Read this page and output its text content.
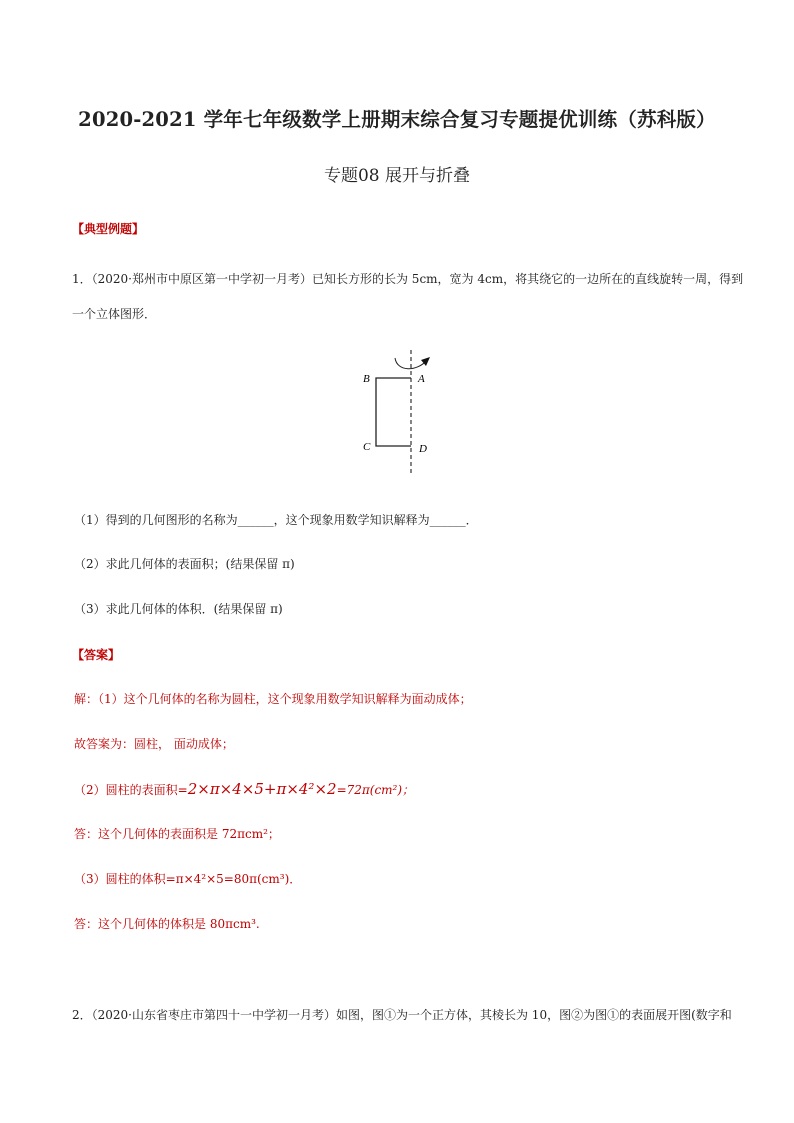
2020-2021 学年七年级数学上册期末综合复习专题提优训练（苏科版）
专题08 展开与折叠
【典型例题】
1．（2020·郑州市中原区第一中学初一月考）已知长方形的长为 5cm，宽为 4cm，将其绕它的一边所在的直线旋转一周，得到
一个立体图形．
B	A
C	D
（1）得到的几何图形的名称为______，这个现象用数学知识解释为______．
（2）求此几何体的表面积；(结果保留 π)
（3）求此几何体的体积．(结果保留 π)
【答案】
解：（1）这个几何体的名称为圆柱，这个现象用数学知识解释为面动成体；
故答案为：圆柱， 面动成体；
（2）圆柱的表面积=2×π×4×5+π×4²×2=72π(cm²)；
答：这个几何体的表面积是 72πcm²；
（3）圆柱的体积=π×4²×5=80π(cm³)．
答：这个几何体的体积是 80πcm³.
2．（2020·山东省枣庄市第四十一中学初一月考）如图，图①为一个正方体，其棱长为 10，图②为图①的表面展开图(数字和
